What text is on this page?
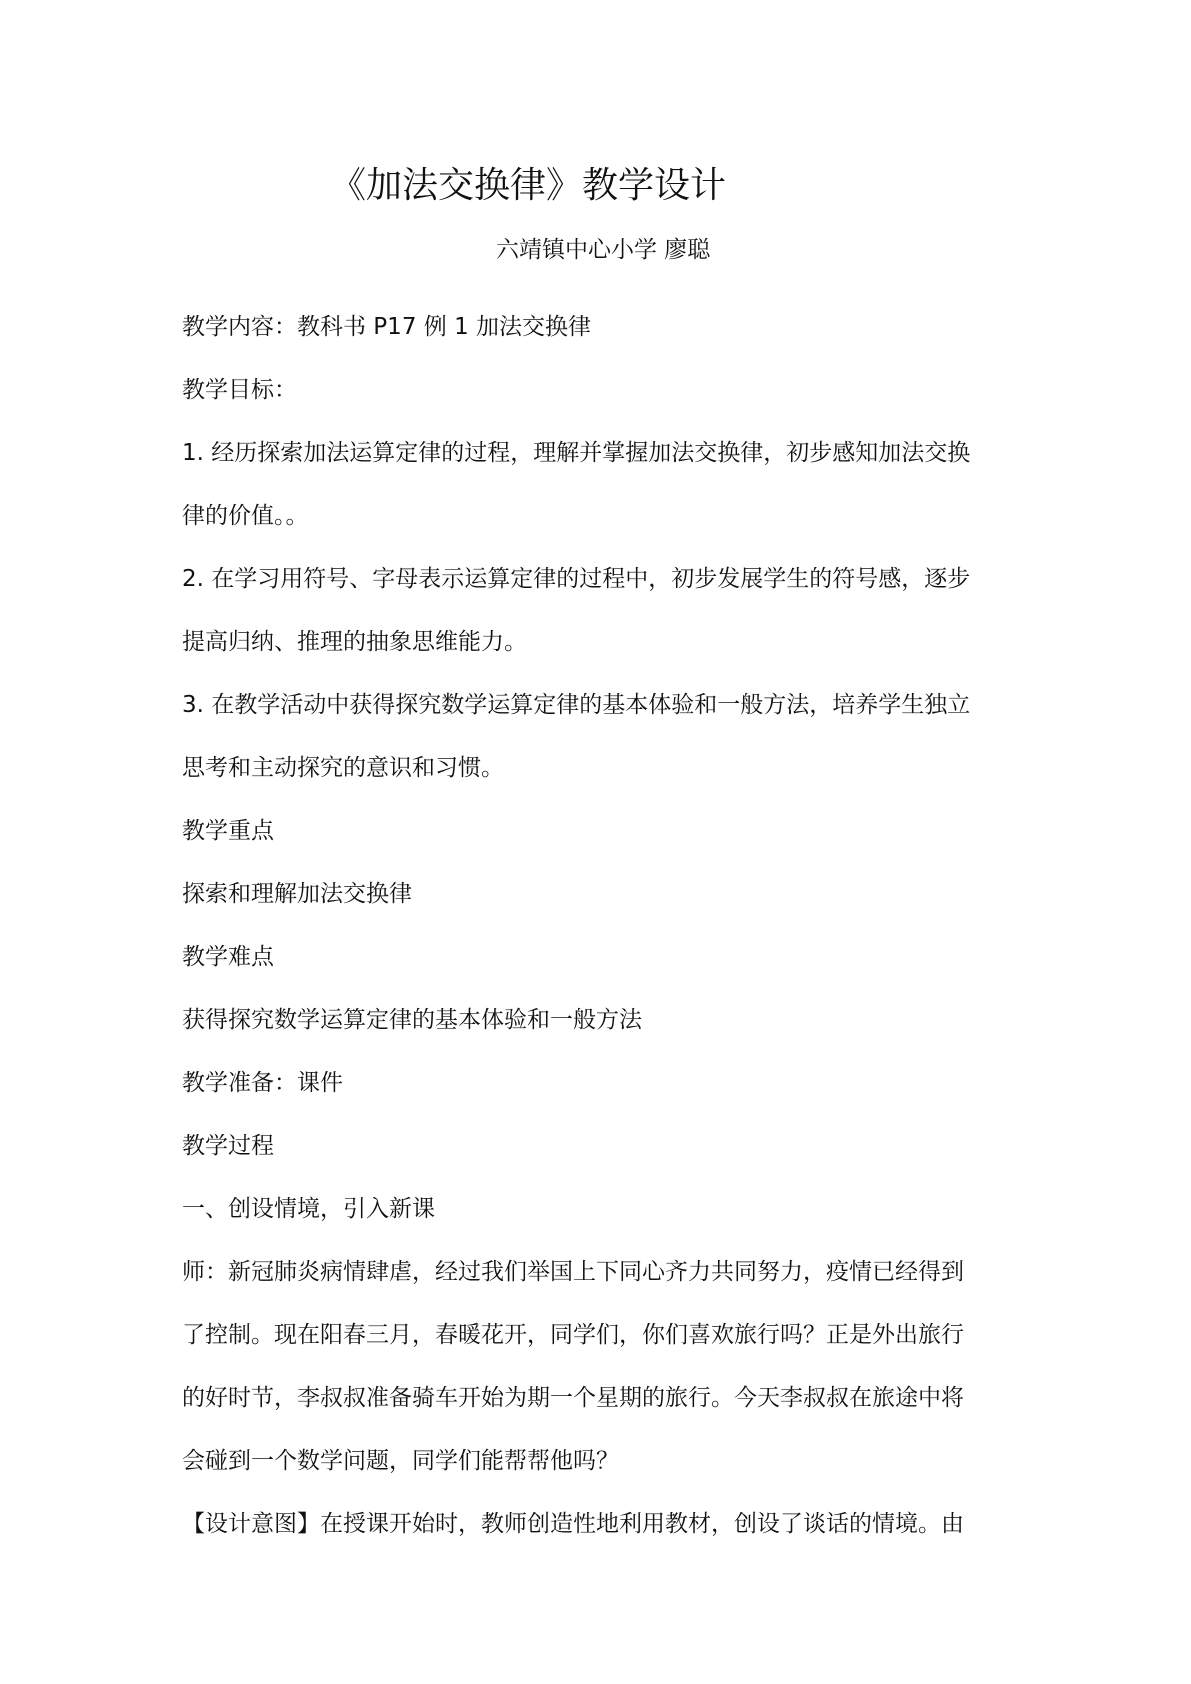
《加法交换律》教学设计
六靖镇中心小学 廖聪
教学内容：教科书 P17 例 1 加法交换律
教学目标：
1. 经历探索加法运算定律的过程，理解并掌握加法交换律，初步感知加法交换
律的价值。。
2. 在学习用符号、字母表示运算定律的过程中，初步发展学生的符号感，逐步
提高归纳、推理的抽象思维能力。
3. 在教学活动中获得探究数学运算定律的基本体验和一般方法，培养学生独立
思考和主动探究的意识和习惯。
教学重点
探索和理解加法交换律
教学难点
获得探究数学运算定律的基本体验和一般方法
教学准备：课件
教学过程
一、创设情境，引入新课
师：新冠肺炎病情肆虐，经过我们举国上下同心齐力共同努力，疫情已经得到
了控制。现在阳春三月，春暖花开，同学们，你们喜欢旅行吗？正是外出旅行
的好时节，李叔叔准备骑车开始为期一个星期的旅行。今天李叔叔在旅途中将
会碰到一个数学问题，同学们能帮帮他吗？
【设计意图】在授课开始时，教师创造性地利用教材，创设了谈话的情境。由
